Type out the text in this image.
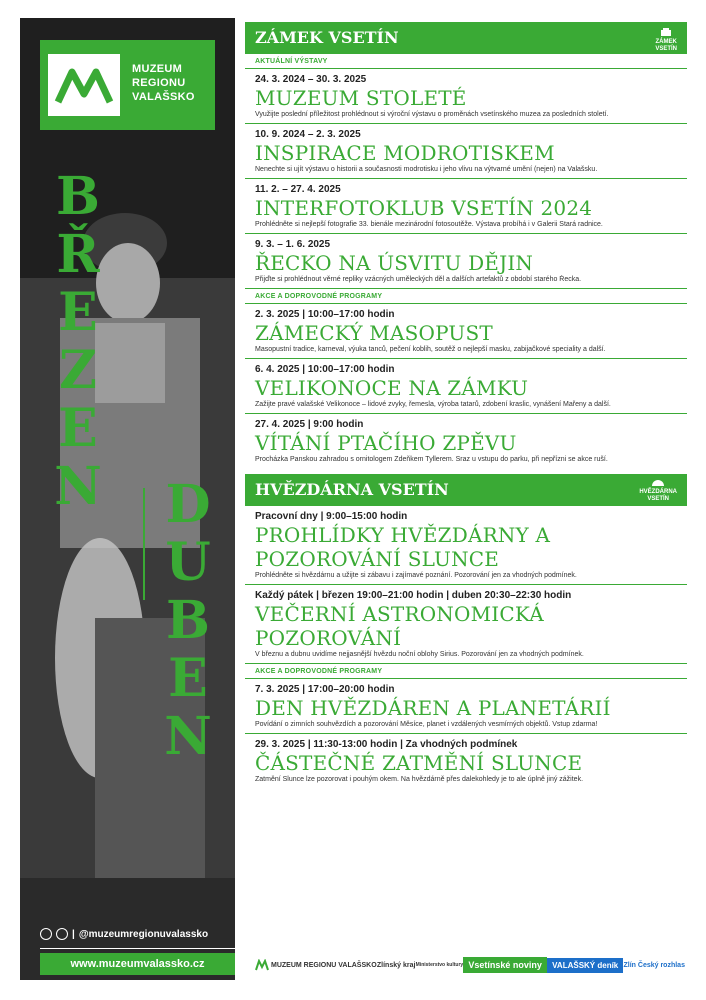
MUZEUM
REGIONU
VALAŠSKO
B
Ř
E
Z
E
N D
U
B
E
N
| @muzeumregionuvalassko
www.muzeumvalassko.cz
ZÁMEK VSETÍN	ZÁMEK
VSETÍN
AKTUÁLNÍ VÝSTAVY
24. 3. 2024 – 30. 3. 2025
MUZEUM STOLETÉ
Využijte poslední příležitost prohlédnout si výroční výstavu o proměnách vsetínského muzea za posledních století.
10. 9. 2024 – 2. 3. 2025
INSPIRACE MODROTISKEM
Nenechte si ujít výstavu o historii a současnosti modrotisku i jeho vlivu na výtvarné umění (nejen) na Valašsku.
11. 2. – 27. 4. 2025
INTERFOTOKLUB VSETÍN 2024
Prohlédněte si nejlepší fotografie 33. bienále mezinárodní fotosoutěže. Výstava probíhá i v Galerii Stará radnice.
9. 3. – 1. 6. 2025
ŘECKO NA ÚSVITU DĚJIN
Přijďte si prohlédnout věrné repliky vzácných uměleckých děl a dalších artefaktů z období starého Řecka.
AKCE A DOPROVODNÉ PROGRAMY
2. 3. 2025 | 10:00–17:00 hodin
ZÁMECKÝ MASOPUST
Masopustní tradice, karneval, výuka tanců, pečení koblih, soutěž o nejlepší masku, zabijačkové speciality a další.
6. 4. 2025 | 10:00–17:00 hodin
VELIKONOCE NA ZÁMKU
Zažijte pravé valašské Velikonoce – lidové zvyky, řemesla, výroba tatarů, zdobení kraslic, vynášení Mařeny a další.
27. 4. 2025 | 9:00 hodin
VÍTÁNÍ PTAČÍHO ZPĚVU
Procházka Panskou zahradou s ornitologem Zdeňkem Tyllerem. Sraz u vstupu do parku, při nepřízni se akce ruší.
HVĚZDÁRNA VSETÍN	HVĚZDÁRNA
VSETÍN
Pracovní dny | 9:00–15:00 hodin
PROHLÍDKY HVĚZDÁRNY A POZOROVÁNÍ SLUNCE
Prohlédněte si hvězdárnu a užijte si zábavu i zajímavé poznání. Pozorování jen za vhodných podmínek.
Každý pátek | březen 19:00–21:00 hodin | duben 20:30–22:30 hodin
VEČERNÍ ASTRONOMICKÁ POZOROVÁNÍ
V březnu a dubnu uvidíme nejjasnější hvězdu noční oblohy Sirius. Pozorování jen za vhodných podmínek.
AKCE A DOPROVODNÉ PROGRAMY
7. 3. 2025 | 17:00–20:00 hodin
DEN HVĚZDÁREN A PLANETÁRIÍ
Povídání o zimních souhvězdích a pozorování Měsíce, planet i vzdálených vesmírných objektů. Vstup zdarma!
29. 3. 2025 | 11:30-13:00 hodin | Za vhodných podmínek
ČÁSTEČNÉ ZATMĚNÍ SLUNCE
Zatmění Slunce lze pozorovat i pouhým okem. Na hvězdárně přes dalekohledy je to ale úplně jiný zážitek.
MUZEUM REGIONU VALAŠSKO Zlínský kraj Ministerstvo kultury Vsetínské noviny	VALAŠSKÝ deník Zlín Český rozhlas
